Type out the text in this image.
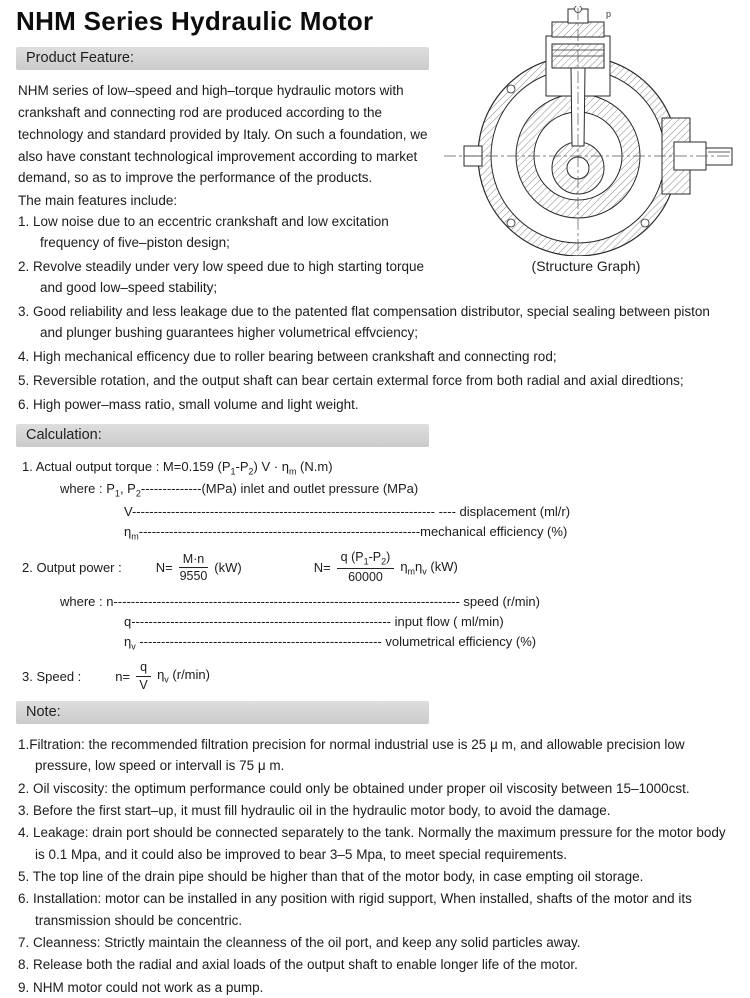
p
(Structure Graph)
NHM Series Hydraulic Motor
Product Feature:

NHM series of low–speed and high–torque hydraulic motors with crankshaft and connecting rod are produced according to the technology and standard provided by Italy. On such a foundation, we also have constant technological improvement according to market demand, so as to improve the performance of the products.

The main features include:

1. Low noise due to an eccentric crankshaft and low excitation frequency of five–piston design;
2. Revolve steadily under very low speed due to high starting torque and good low–speed stability;
3. Good reliability and less leakage due to the patented flat compensation distributor, special sealing between piston and plunger bushing guarantees higher volumetrical effvciency;
4. High mechanical efficency due to roller bearing between crankshaft and connecting rod;
5. Reversible rotation, and the output shaft can bear certain extermal force from both radial and axial diredtions;
6. High power–mass ratio, small volume and light weight.
Calculation:
1. Actual output torque : M=0.159 $(P_1-P_2) V \cdot \eta_m$ (N.m)
where : $P_1$, $P_2--------------(MPa)$ inlet and outlet pressure (MPa)
V---------------------------------------------------------------------- ---- displacement (ml/r)
$\eta_m----------------------------------------------------------------$-mechanical efficiency (%)
2. Output power :	$N= \frac{M\cdot n}{9550} (kW)$	$N= \frac{q (P_1-P_2)}{60000} \eta_m\eta_v$ (kW)
where : n-------------------------------------------------------------------------------- speed (r/min)
q------------------------------------------------------------ input flow ( ml/min)
$\eta_v$ -------------------------------------------------------- volumetrical efficiency (%)
3. Speed :	$n= \frac{q}{V} \eta_v$ (r/min)
Note:
1.Filtration: the recommended filtration precision for normal industrial use is 25 μ m, and allowable precision low pressure, low speed or intervall is 75 μ m.
2. Oil viscosity: the optimum performance could only be obtained under proper oil viscosity between 15–1000cst.
3. Before the first start–up, it must fill hydraulic oil in the hydraulic motor body, to avoid the damage.
4. Leakage: drain port should be connected separately to the tank. Normally the maximum pressure for the motor body is 0.1 Mpa, and it could also be improved to bear 3–5 Mpa, to meet special requirements.
5. The top line of the drain pipe should be higher than that of the motor body, in case empting oil storage.
6. Installation: motor can be installed in any position with rigid support, When installed, shafts of the motor and its transmission should be concentric.
7. Cleanness: Strictly maintain the cleanness of the oil port, and keep any solid particles away.
8. Release both the radial and axial loads of the output shaft to enable longer life of the motor.
9. NHM motor could not work as a pump.
